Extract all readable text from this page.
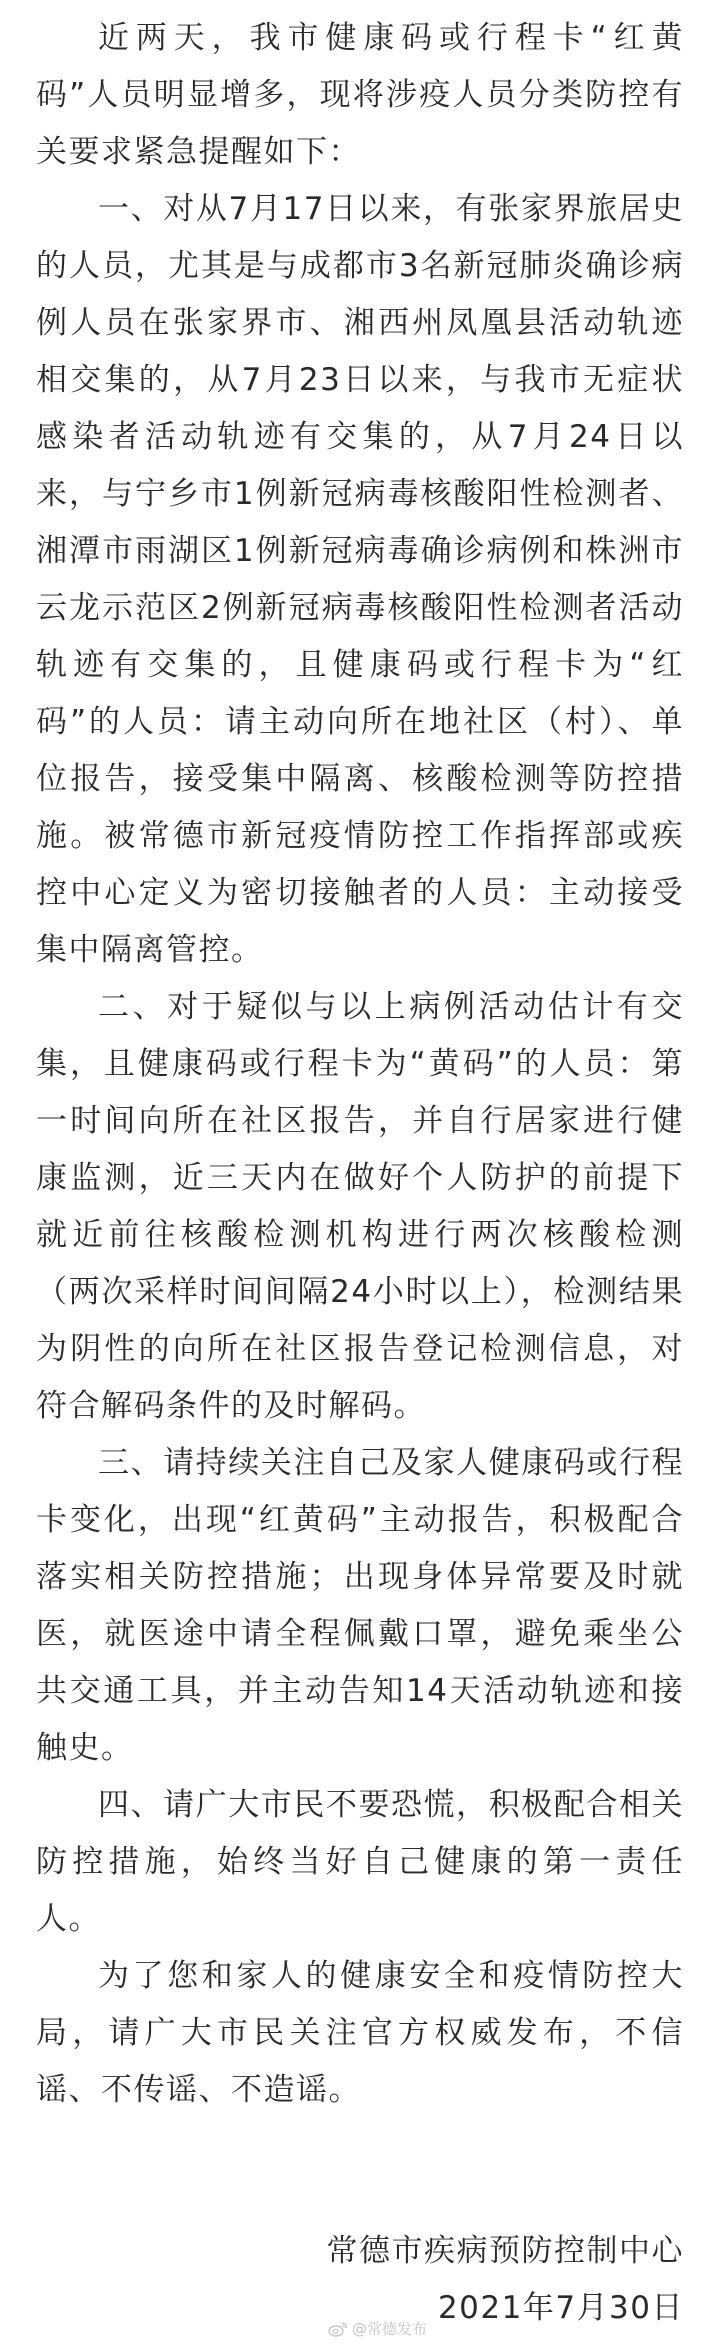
近两天，我市健康码或行程卡“红黄码”人员明显增多，现将涉疫人员分类防控有关要求紧急提醒如下：

一、对从7月17日以来，有张家界旅居史的人员，尤其是与成都市3名新冠肺炎确诊病例人员在张家界市、湘西州凤凰县活动轨迹相交集的，从7月23日以来，与我市无症状感染者活动轨迹有交集的，从7月24日以来，与宁乡市1例新冠病毒核酸阳性检测者、湘潭市雨湖区1例新冠病毒确诊病例和株洲市云龙示范区2例新冠病毒核酸阳性检测者活动轨迹有交集的，且健康码或行程卡为“红码”的人员：请主动向所在地社区（村）、单位报告，接受集中隔离、核酸检测等防控措施。被常德市新冠疫情防控工作指挥部或疾控中心定义为密切接触者的人员：主动接受集中隔离管控。

二、对于疑似与以上病例活动估计有交集，且健康码或行程卡为“黄码”的人员：第一时间向所在社区报告，并自行居家进行健康监测，近三天内在做好个人防护的前提下就近前往核酸检测机构进行两次核酸检测（两次采样时间间隔24小时以上），检测结果为阴性的向所在社区报告登记检测信息，对符合解码条件的及时解码。

三、请持续关注自己及家人健康码或行程卡变化，出现“红黄码”主动报告，积极配合落实相关防控措施；出现身体异常要及时就医，就医途中请全程佩戴口罩，避免乘坐公共交通工具，并主动告知14天活动轨迹和接触史。

四、请广大市民不要恐慌，积极配合相关防控措施，始终当好自己健康的第一责任人。

为了您和家人的健康安全和疫情防控大局，请广大市民关注官方权威发布，不信谣、不传谣、不造谣。

常德市疾病预防控制中心

2021年7月30日

@常德发布
